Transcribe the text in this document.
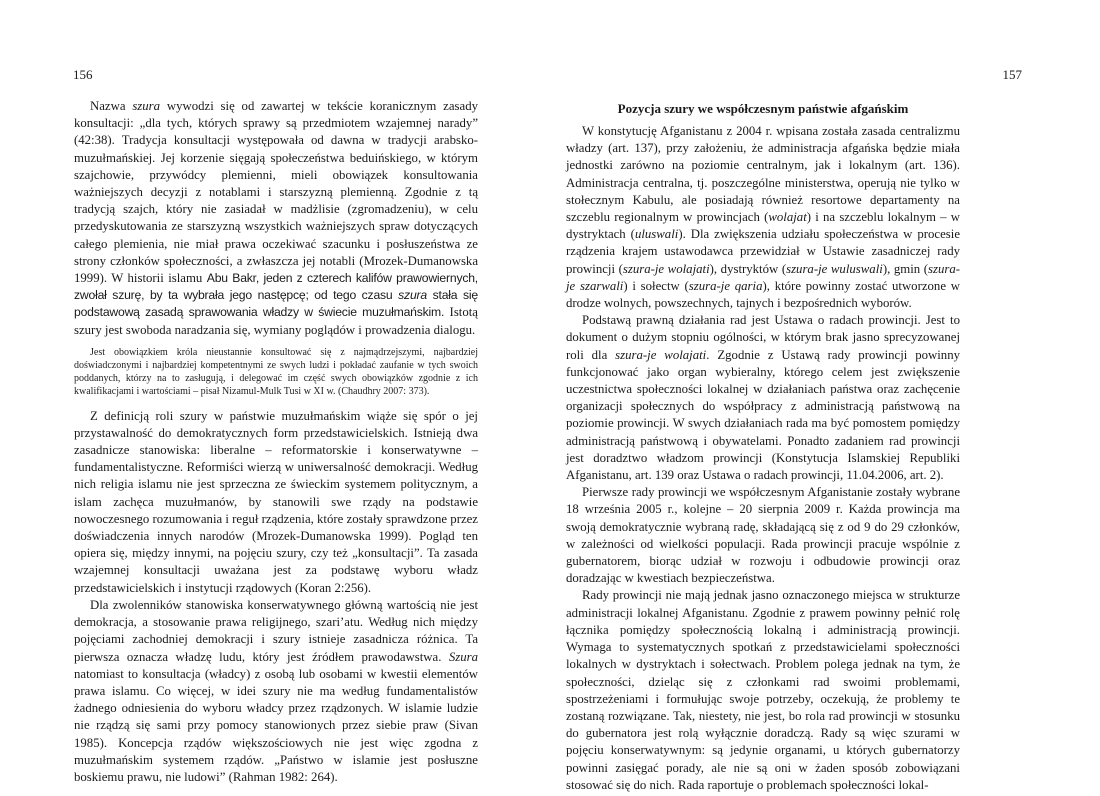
156

Nazwa szura wywodzi się od zawartej w tekście koranicznym zasady konsultacji: „dla tych, których sprawy są przedmiotem wzajemnej narady” (42:38). Tradycja konsultacji występowała od dawna w tradycji arabsko-muzułmańskiej. Jej korzenie sięgają społeczeństwa beduińskiego, w którym szajchowie, przywódcy plemienni, mieli obowiązek konsultowania ważniejszych decyzji z notablami i starszyzną plemienną. Zgodnie z tą tradycją szajch, który nie zasiadał w madżlisie (zgromadzeniu), w celu przedyskutowania ze starszyzną wszystkich ważniejszych spraw dotyczących całego plemienia, nie miał prawa oczekiwać szacunku i posłuszeństwa ze strony członków społeczności, a zwłaszcza jej notabli (Mrozek-Dumanowska 1999). W historii islamu Abu Bakr, jeden z czterech kalifów prawowiernych, zwołał szurę, by ta wybrała jego następcę; od tego czasu szura stała się podstawową zasadą sprawowania władzy w świecie muzułmańskim. Istotą szury jest swoboda naradzania się, wymiany poglądów i prowadzenia dialogu.

Jest obowiązkiem króla nieustannie konsultować się z najmądrzejszymi, najbardziej doświadczonymi i najbardziej kompetentnymi ze swych ludzi i pokładać zaufanie w tych swoich poddanych, którzy na to zasługują, i delegować im część swych obowiązków zgodnie z ich kwalifikacjami i wartościami – pisał Nizamul-Mulk Tusi w XI w. (Chaudhry 2007: 373).

Z definicją roli szury w państwie muzułmańskim wiąże się spór o jej przystawalność do demokratycznych form przedstawicielskich. Istnieją dwa zasadnicze stanowiska: liberalne – reformatorskie i konserwatywne – fundamentalistyczne. Reformiści wierzą w uniwersalność demokracji. Według nich religia islamu nie jest sprzeczna ze świeckim systemem politycznym, a islam zachęca muzułmanów, by stanowili swe rządy na podstawie nowoczesnego rozumowania i reguł rządzenia, które zostały sprawdzone przez doświadczenia innych narodów (Mrozek-Dumanowska 1999). Pogląd ten opiera się, między innymi, na pojęciu szury, czy też „konsultacji”. Ta zasada wzajemnej konsultacji uważana jest za podstawę wyboru władz przedstawicielskich i instytucji rządowych (Koran 2:256).

Dla zwolenników stanowiska konserwatywnego główną wartością nie jest demokracja, a stosowanie prawa religijnego, szari’atu. Według nich między pojęciami zachodniej demokracji i szury istnieje zasadnicza różnica. Ta pierwsza oznacza władzę ludu, który jest źródłem prawodawstwa. Szura natomiast to konsultacja (władcy) z osobą lub osobami w kwestii elementów prawa islamu. Co więcej, w idei szury nie ma według fundamentalistów żadnego odniesienia do wyboru władcy przez rządzonych. W islamie ludzie nie rządzą się sami przy pomocy stanowionych przez siebie praw (Sivan 1985). Koncepcja rządów większościowych nie jest więc zgodna z muzułmańskim systemem rządów. „Państwo w islamie jest posłuszne boskiemu prawu, nie ludowi” (Rahman 1982: 264).

157

Pozycja szury we współczesnym państwie afgańskim

W konstytucję Afganistanu z 2004 r. wpisana została zasada centralizmu władzy (art. 137), przy założeniu, że administracja afgańska będzie miała jednostki zarówno na poziomie centralnym, jak i lokalnym (art. 136). Administracja centralna, tj. poszczególne ministerstwa, operują nie tylko w stołecznym Kabulu, ale posiadają również resortowe departamenty na szczeblu regionalnym w prowincjach (wolajat) i na szczeblu lokalnym – w dystryktach (uluswali). Dla zwiększenia udziału społeczeństwa w procesie rządzenia krajem ustawodawca przewidział w Ustawie zasadniczej rady prowincji (szura-je wolajati), dystryktów (szura-je wuluswali), gmin (szura-je szarwali) i sołectw (szura-je qaria), które powinny zostać utworzone w drodze wolnych, powszechnych, tajnych i bezpośrednich wyborów.

Podstawą prawną działania rad jest Ustawa o radach prowincji. Jest to dokument o dużym stopniu ogólności, w którym brak jasno sprecyzowanej roli dla szura-je wolajati. Zgodnie z Ustawą rady prowincji powinny funkcjonować jako organ wybieralny, którego celem jest zwiększenie uczestnictwa społeczności lokalnej w działaniach państwa oraz zachęcenie organizacji społecznych do współpracy z administracją państwową na poziomie prowincji. W swych działaniach rada ma być pomostem pomiędzy administracją państwową i obywatelami. Ponadto zadaniem rad prowincji jest doradztwo władzom prowincji (Konstytucja Islamskiej Republiki Afganistanu, art. 139 oraz Ustawa o radach prowincji, 11.04.2006, art. 2).

Pierwsze rady prowincji we współczesnym Afganistanie zostały wybrane 18 września 2005 r., kolejne – 20 sierpnia 2009 r. Każda prowincja ma swoją demokratycznie wybraną radę, składającą się z od 9 do 29 członków, w zależności od wielkości populacji. Rada prowincji pracuje wspólnie z gubernatorem, biorąc udział w rozwoju i odbudowie prowincji oraz doradzając w kwestiach bezpieczeństwa.

Rady prowincji nie mają jednak jasno oznaczonego miejsca w strukturze administracji lokalnej Afganistanu. Zgodnie z prawem powinny pełnić rolę łącznika pomiędzy społecznością lokalną i administracją prowincji. Wymaga to systematycznych spotkań z przedstawicielami społeczności lokalnych w dystryktach i sołectwach. Problem polega jednak na tym, że społeczności, dzieląc się z członkami rad swoimi problemami, spostrzeżeniami i formułując swoje potrzeby, oczekują, że problemy te zostaną rozwiązane. Tak, niestety, nie jest, bo rola rad prowincji w stosunku do gubernatora jest rolą wyłącznie doradczą. Rady są więc szurami w pojęciu konserwatywnym: są jedynie organami, u których gubernatorzy powinni zasięgać porady, ale nie są oni w żaden sposób zobowiązani stosować się do nich. Rada raportuje o problemach społeczności lokal-
